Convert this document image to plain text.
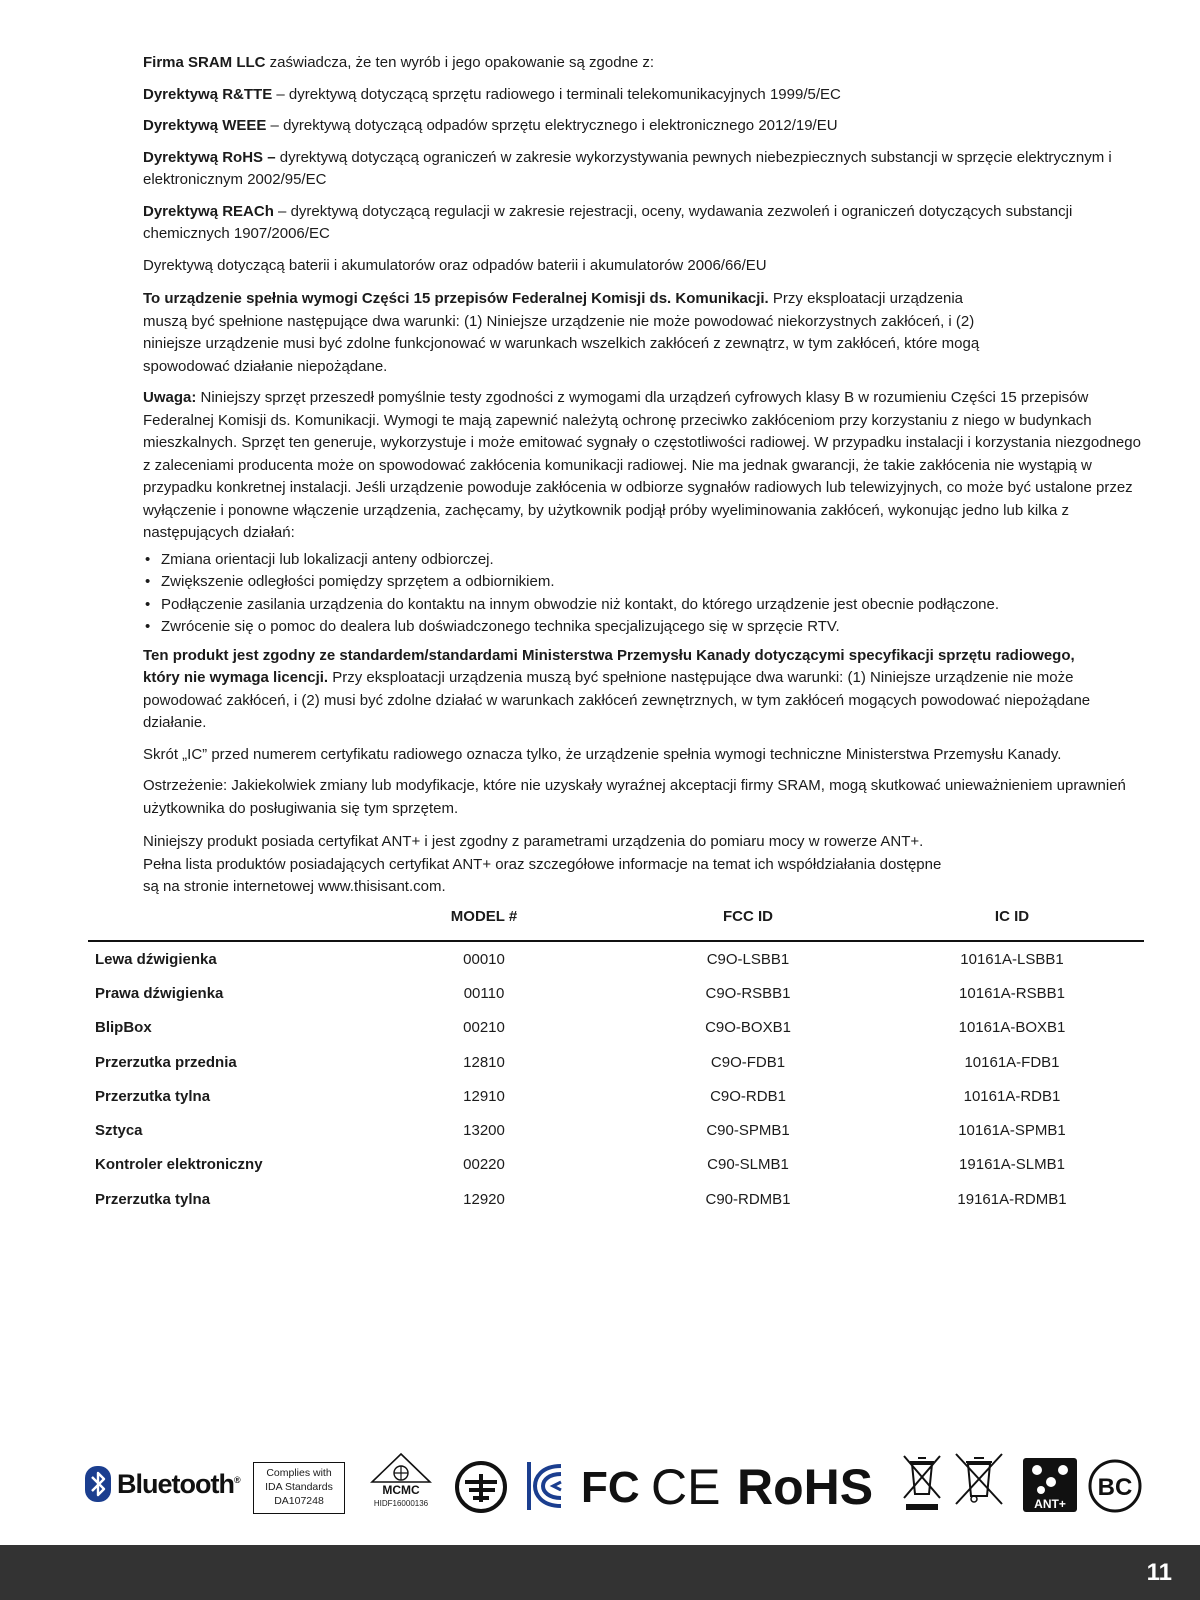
Firma SRAM LLC zaświadcza, że ten wyrób i jego opakowanie są zgodne z:

Dyrektywą R&TTE – dyrektywą dotyczącą sprzętu radiowego i terminali telekomunikacyjnych 1999/5/EC

Dyrektywą WEEE – dyrektywą dotyczącą odpadów sprzętu elektrycznego i elektronicznego 2012/19/EU

Dyrektywą RoHS – dyrektywą dotyczącą ograniczeń w zakresie wykorzystywania pewnych niebezpiecznych substancji w sprzęcie elektrycznym i elektronicznym 2002/95/EC

Dyrektywą REACh – dyrektywą dotyczącą regulacji w zakresie rejestracji, oceny, wydawania zezwoleń i ograniczeń dotyczących substancji chemicznych 1907/2006/EC

Dyrektywą dotyczącą baterii i akumulatorów oraz odpadów baterii i akumulatorów 2006/66/EU

To urządzenie spełnia wymogi Części 15 przepisów Federalnej Komisji ds. Komunikacji. Przy eksploatacji urządzenia muszą być spełnione następujące dwa warunki: (1) Niniejsze urządzenie nie może powodować niekorzystnych zakłóceń, i (2) niniejsze urządzenie musi być zdolne funkcjonować w warunkach wszelkich zakłóceń z zewnątrz, w tym zakłóceń, które mogą spowodować działanie niepożądane.

Uwaga: Niniejszy sprzęt przeszedł pomyślnie testy zgodności z wymogami dla urządzeń cyfrowych klasy B w rozumieniu Części 15 przepisów Federalnej Komisji ds. Komunikacji. Wymogi te mają zapewnić należytą ochronę przeciwko zakłóceniom przy korzystaniu z niego w budynkach mieszkalnych. Sprzęt ten generuje, wykorzystuje i może emitować sygnały o częstotliwości radiowej. W przypadku instalacji i korzystania niezgodnego z zaleceniami producenta może on spowodować zakłócenia komunikacji radiowej. Nie ma jednak gwarancji, że takie zakłócenia nie wystąpią w przypadku konkretnej instalacji. Jeśli urządzenie powoduje zakłócenia w odbiorze sygnałów radiowych lub telewizyjnych, co może być ustalone przez wyłączenie i ponowne włączenie urządzenia, zachęcamy, by użytkownik podjął próby wyeliminowania zakłóceń, wykonując jedno lub kilka z następujących działań:

• Zmiana orientacji lub lokalizacji anteny odbiorczej.
• Zwiększenie odległości pomiędzy sprzętem a odbiornikiem.
• Podłączenie zasilania urządzenia do kontaktu na innym obwodzie niż kontakt, do którego urządzenie jest obecnie podłączone.
• Zwrócenie się o pomoc do dealera lub doświadczonego technika specjalizującego się w sprzęcie RTV.

Ten produkt jest zgodny ze standardem/standardami Ministerstwa Przemysłu Kanady dotyczącymi specyfikacji sprzętu radiowego, który nie wymaga licencji. Przy eksploatacji urządzenia muszą być spełnione następujące dwa warunki: (1) Niniejsze urządzenie nie może powodować zakłóceń, i (2) musi być zdolne działać w warunkach zakłóceń zewnętrznych, w tym zakłóceń mogących powodować niepożądane działanie.

Skrót „IC” przed numerem certyfikatu radiowego oznacza tylko, że urządzenie spełnia wymogi techniczne Ministerstwa Przemysłu Kanady.

Ostrzeżenie: Jakiekolwiek zmiany lub modyfikacje, które nie uzyskały wyraźnej akceptacji firmy SRAM, mogą skutkować unieważnieniem uprawnień użytkownika do posługiwania się tym sprzętem.

Niniejszy produkt posiada certyfikat ANT+ i jest zgodny z parametrami urządzenia do pomiaru mocy w rowerze ANT+.
Pełna lista produktów posiadających certyfikat ANT+ oraz szczegółowe informacje na temat ich współdziałania dostępne
są na stronie internetowej www.thisisant.com.

	MODEL #	FCC ID	IC ID
Lewa dźwigienka	00010	C9O-LSBB1	10161A-LSBB1
Prawa dźwigienka	00110	C9O-RSBB1	10161A-RSBB1
BlipBox	00210	C9O-BOXB1	10161A-BOXB1
Przerzutka przednia	12810	C9O-FDB1	10161A-FDB1
Przerzutka tylna	12910	C9O-RDB1	10161A-RDB1
Sztyca	13200	C90-SPMB1	10161A-SPMB1
Kontroler elektroniczny	00220	C90-SLMB1	19161A-SLMB1
Przerzutka tylna	12920	C90-RDMB1	19161A-RDMB1
Bluetooth®
Complies with
IDA Standards
DA107248
MCMC
HIDF16000136	FC CE RoHS	ANT+
BC
11
